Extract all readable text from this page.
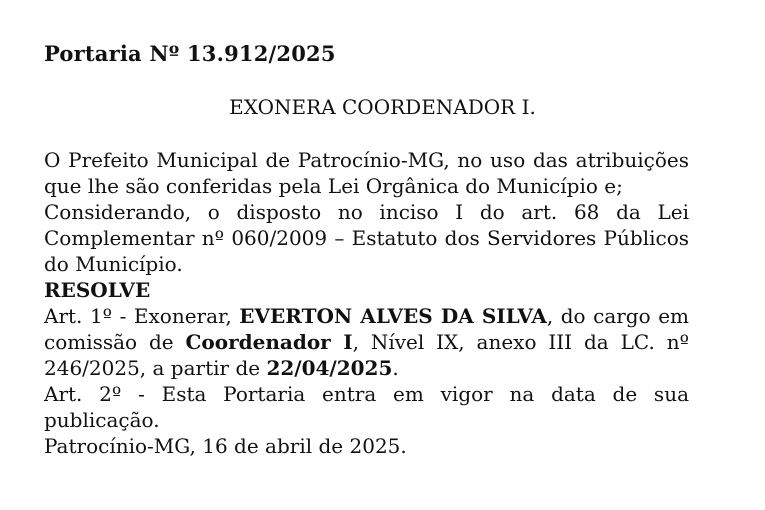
Portaria Nº 13.912/2025
EXONERA COORDENADOR I.

O Prefeito Municipal de Patrocínio-MG, no uso das atribuições que lhe são conferidas pela Lei Orgânica do Município e;

Considerando, o disposto no inciso I do art. 68 da Lei Complementar nº 060/2009 – Estatuto dos Servidores Públicos do Município.

RESOLVE

Art. 1º - Exonerar, EVERTON ALVES DA SILVA, do cargo em comissão de Coordenador I, Nível IX, anexo III da LC. nº 246/2025, a partir de 22/04/2025.

Art. 2º - Esta Portaria entra em vigor na data de sua publicação.

Patrocínio-MG, 16 de abril de 2025.
